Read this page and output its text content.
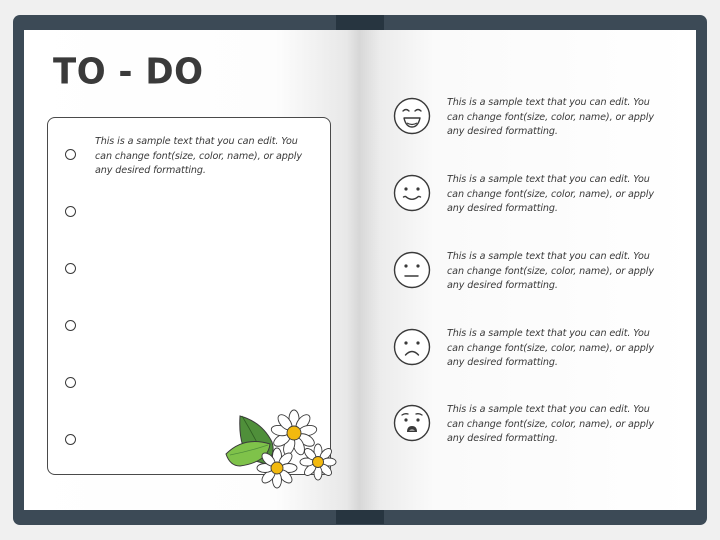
TO - DO

This is a sample text that you can edit. You can change font(size, color, name), or apply any desired formatting.

This is a sample text that you can edit. You can change font(size, color, name), or apply any desired formatting.

This is a sample text that you can edit. You can change font(size, color, name), or apply any desired formatting.

This is a sample text that you can edit. You can change font(size, color, name), or apply any desired formatting.

This is a sample text that you can edit. You can change font(size, color, name), or apply any desired formatting.

This is a sample text that you can edit. You can change font(size, color, name), or apply any desired formatting.
